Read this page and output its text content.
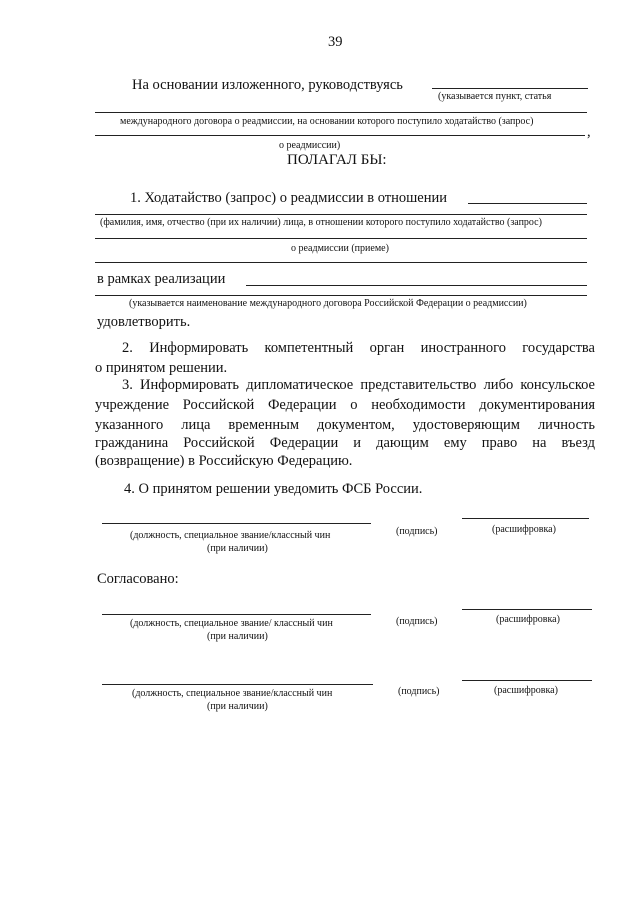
39
На основании изложенного, руководствуясь
(указывается пункт, статья
международного договора о реадмиссии, на основании которого поступило ходатайство (запрос)
,
о реадмиссии)
ПОЛАГАЛ БЫ:
1. Ходатайство (запрос) о реадмиссии в отношении
(фамилия, имя, отчество (при их наличии) лица, в отношении которого поступило ходатайство (запрос)
о реадмиссии (приеме)
в рамках реализации
(указывается наименование международного договора Российской Федерации о реадмиссии)
удовлетворить.
2. Информировать компетентный орган иностранного государства
о принятом решении.
3. Информировать дипломатическое представительство либо консульское
учреждение Российской Федерации о необходимости документирования
указанного лица временным документом, удостоверяющим личность
гражданина Российской Федерации и дающим ему право на въезд
(возвращение) в Российскую Федерацию.
4. О принятом решении уведомить ФСБ России.
(должность, специальное звание/классный чин
(при наличии)
(подпись)	(расшифровка)
Согласовано:
(должность, специальное звание/ классный чин
(при наличии)
(подпись)	(расшифровка)
(должность, специальное звание/классный чин
(при наличии)
(подпись)	(расшифровка)
